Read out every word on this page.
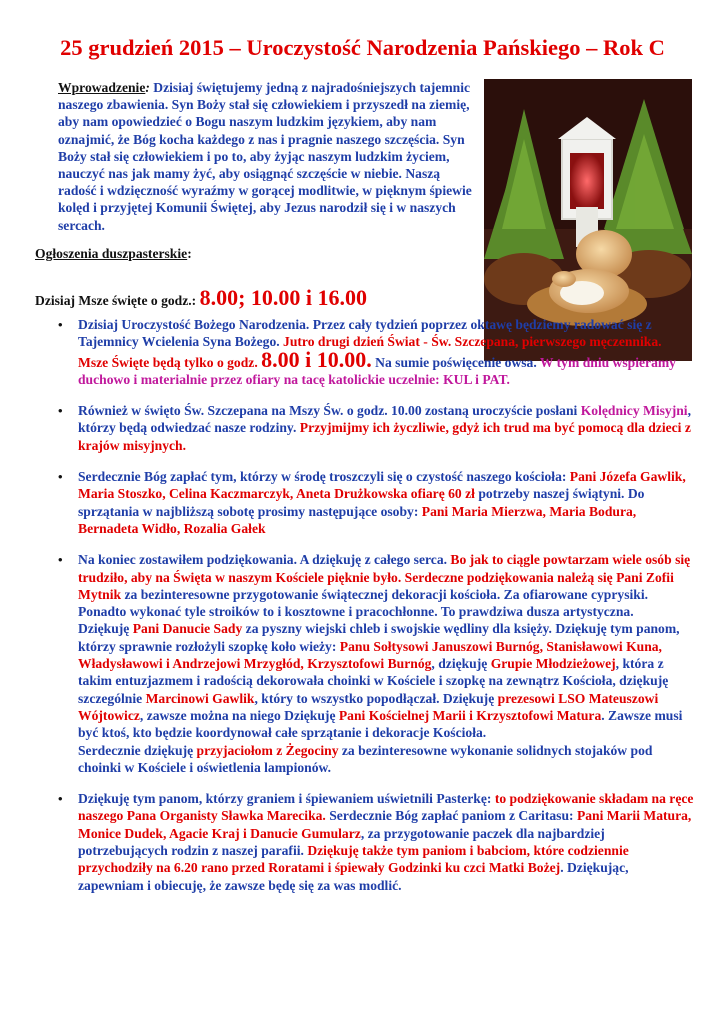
25 grudzień 2015 – Uroczystość Narodzenia Pańskiego – Rok C
Wprowadzenie: Dzisiaj świętujemy jedną z najradośniejszych tajemnic naszego zbawienia. Syn Boży stał się człowiekiem i przyszedł na ziemię, aby nam opowiedzieć o Bogu naszym ludzkim językiem, aby nam oznajmić, że Bóg kocha każdego z nas i pragnie naszego szczęścia. Syn Boży stał się człowiekiem i po to, aby żyjąc naszym ludzkim życiem, nauczyć nas jak mamy żyć, aby osiągnąć szczęście w niebie. Naszą radość i wdzięczność wyraźmy w gorącej modlitwie, w pięknym śpiewie kolęd i przyjętej Komunii Świętej, aby Jezus narodził się i w naszych sercach.
Ogłoszenia duszpasterskie:
Dzisiaj Msze święte o godz.: 8.00; 10.00 i 16.00
• Dzisiaj Uroczystość Bożego Narodzenia. Przez cały tydzień poprzez oktawę będziemy radować się z Tajemnicy Wcielenia Syna Bożego. Jutro drugi dzień Świat - Św. Szczepana, pierwszego męczennika. Msze Święte będą tylko o godz. 8.00 i 10.00. Na sumie poświęcenie owsa. W tym dniu wspieramy duchowo i materialnie przez ofiary na tacę katolickie uczelnie: KUL i PAT.
• Również w święto Św. Szczepana na Mszy Św. o godz. 10.00 zostaną uroczyście posłani Kolędnicy Misyjni, którzy będą odwiedzać nasze rodziny. Przyjmijmy ich życzliwie, gdyż ich trud ma być pomocą dla dzieci z krajów misyjnych.
• Serdecznie Bóg zapłać tym, którzy w środę troszczyli się o czystość naszego kościoła: Pani Józefa Gawlik, Maria Stoszko, Celina Kaczmarczyk, Aneta Drużkowska ofiarę 60 zł potrzeby naszej świątyni. Do sprzątania w najbliższą sobotę prosimy następujące osoby: Pani Maria Mierzwa, Maria Bodura, Bernadeta Widło, Rozalia Gałek
• Na koniec zostawiłem podziękowania. A dziękuję z całego serca. Bo jak to ciągle powtarzam wiele osób się trudziło, aby na Święta w naszym Kościele pięknie było. Serdeczne podziękowania należą się Pani Zofii Mytnik za bezinteresowne przygotowanie świątecznej dekoracji kościoła. Za ofiarowane cyprysiki. Ponadto wykonać tyle stroików to i kosztowne i pracochłonne. To prawdziwa dusza artystyczna.
Dziękuję Pani Danucie Sady za pyszny wiejski chleb i swojskie wędliny dla księży. Dziękuję tym panom, którzy sprawnie rozłożyli szopkę koło wieży: Panu Sołtysowi Januszowi Burnóg, Stanisławowi Kuna, Władysławowi i Andrzejowi Mrzygłód, Krzysztofowi Burnóg, dziękuję Grupie Młodzieżowej, która z takim entuzjazmem i radością dekorowała choinki w Kościele i szopkę na zewnątrz Kościoła, dziękuję szczególnie Marcinowi Gawlik, który to wszystko popodłączał. Dziękuję prezesowi LSO Mateuszowi Wójtowicz, zawsze można na niego Dziękuję Pani Kościelnej Marii i Krzysztofowi Matura. Zawsze musi być ktoś, kto będzie koordynował całe sprzątanie i dekoracje Kościoła.
Serdecznie dziękuję przyjaciołom z Żegociny za bezinteresowne wykonanie solidnych stojaków pod choinki w Kościele i oświetlenia lampionów.
• Dziękuję tym panom, którzy graniem i śpiewaniem uświetnili Pasterkę: to podziękowanie składam na ręce naszego Pana Organisty Sławka Marecika. Serdecznie Bóg zapłać paniom z Caritasu: Pani Marii Matura, Monice Dudek, Agacie Kraj i Danucie Gumularz, za przygotowanie paczek dla najbardziej potrzebujących rodzin z naszej parafii. Dziękuję także tym paniom i babciom, które codziennie przychodziły na 6.20 rano przed Roratami i śpiewały Godzinki ku czci Matki Bożej. Dziękując, zapewniam i obiecuję, że zawsze będę się za was modlić.
